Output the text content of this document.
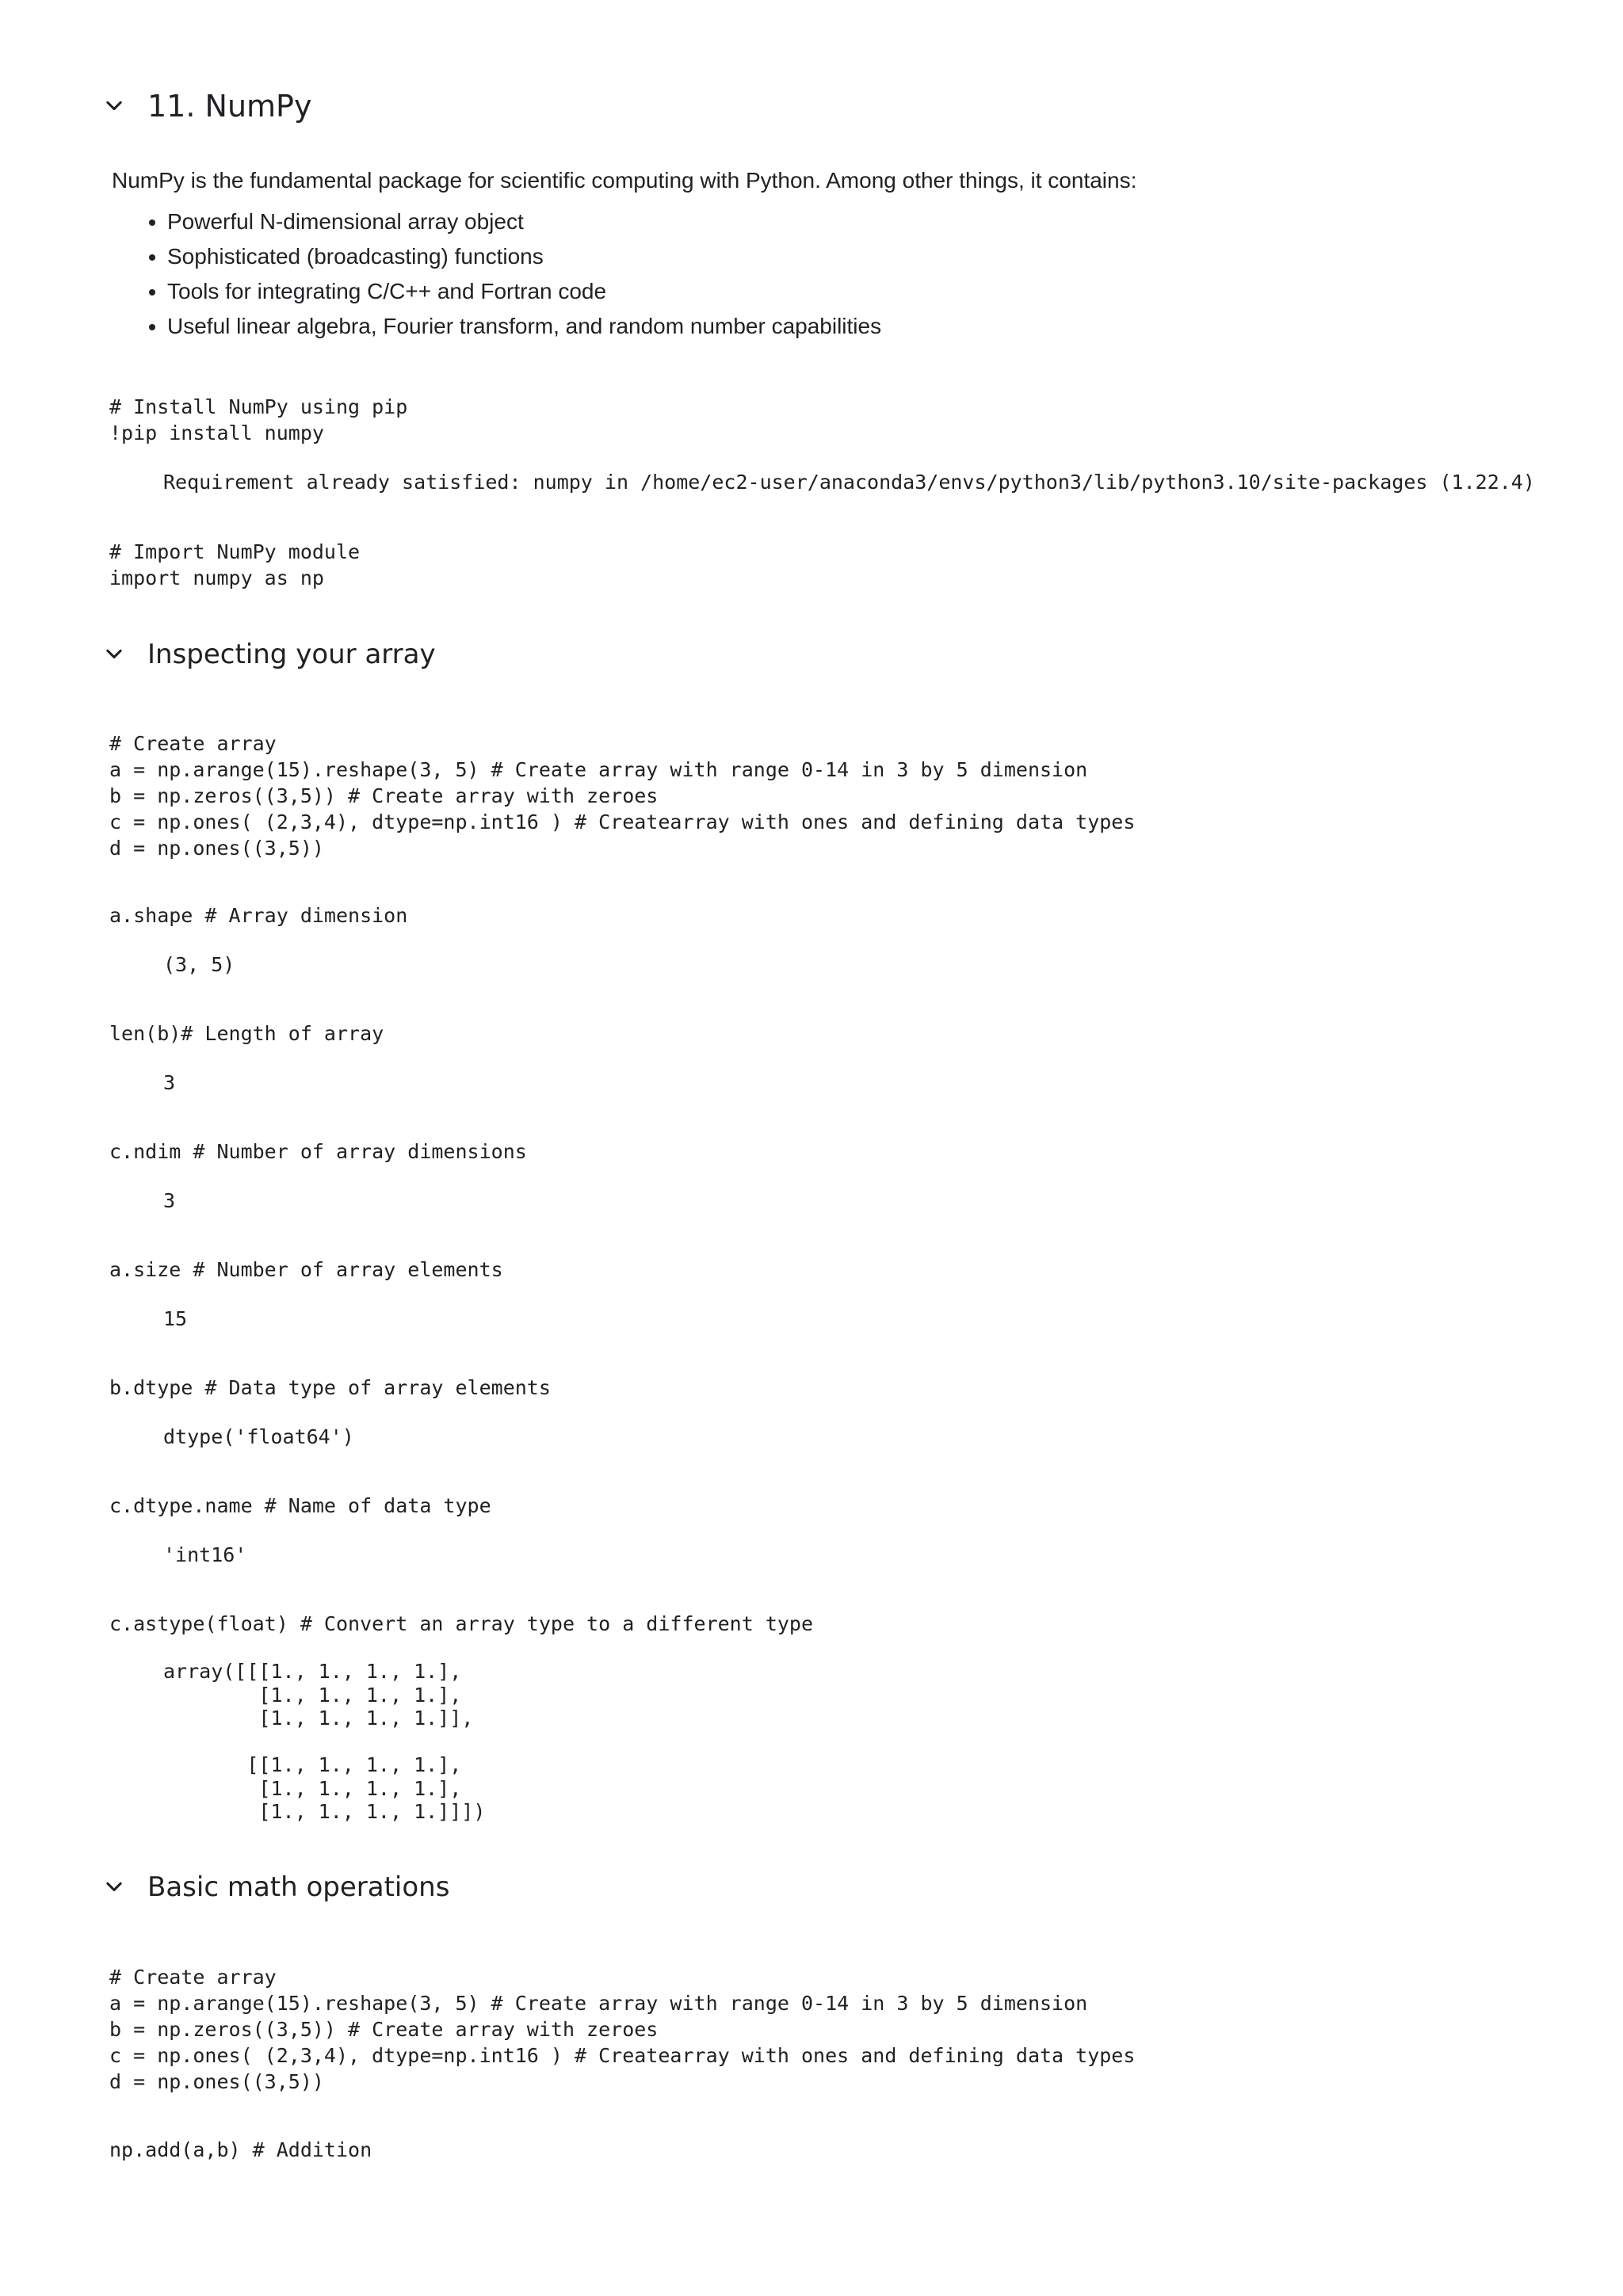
11. NumPy
NumPy is the fundamental package for scientific computing with Python. Among other things, it contains:
• Powerful N-dimensional array object
• Sophisticated (broadcasting) functions
• Tools for integrating C/C++ and Fortran code
• Useful linear algebra, Fourier transform, and random number capabilities
# Install NumPy using pip
!pip install numpy
Requirement already satisfied: numpy in /home/ec2-user/anaconda3/envs/python3/lib/python3.10/site-packages (1.22.4)
# Import NumPy module
import numpy as np
Inspecting your array
# Create array
a = np.arange(15).reshape(3, 5) # Create array with range 0-14 in 3 by 5 dimension
b = np.zeros((3,5)) # Create array with zeroes
c = np.ones( (2,3,4), dtype=np.int16 ) # Createarray with ones and defining data types
d = np.ones((3,5))
a.shape # Array dimension
(3, 5)
len(b)# Length of array
3
c.ndim # Number of array dimensions
3
a.size # Number of array elements
15
b.dtype # Data type of array elements
dtype('float64')
c.dtype.name # Name of data type
'int16'
c.astype(float) # Convert an array type to a different type
array([[[1., 1., 1., 1.],
[1., 1., 1., 1.],
[1., 1., 1., 1.]],

[[1., 1., 1., 1.],
[1., 1., 1., 1.],
[1., 1., 1., 1.]]])
Basic math operations
# Create array
a = np.arange(15).reshape(3, 5) # Create array with range 0-14 in 3 by 5 dimension
b = np.zeros((3,5)) # Create array with zeroes
c = np.ones( (2,3,4), dtype=np.int16 ) # Createarray with ones and defining data types
d = np.ones((3,5))
np.add(a,b) # Addition
